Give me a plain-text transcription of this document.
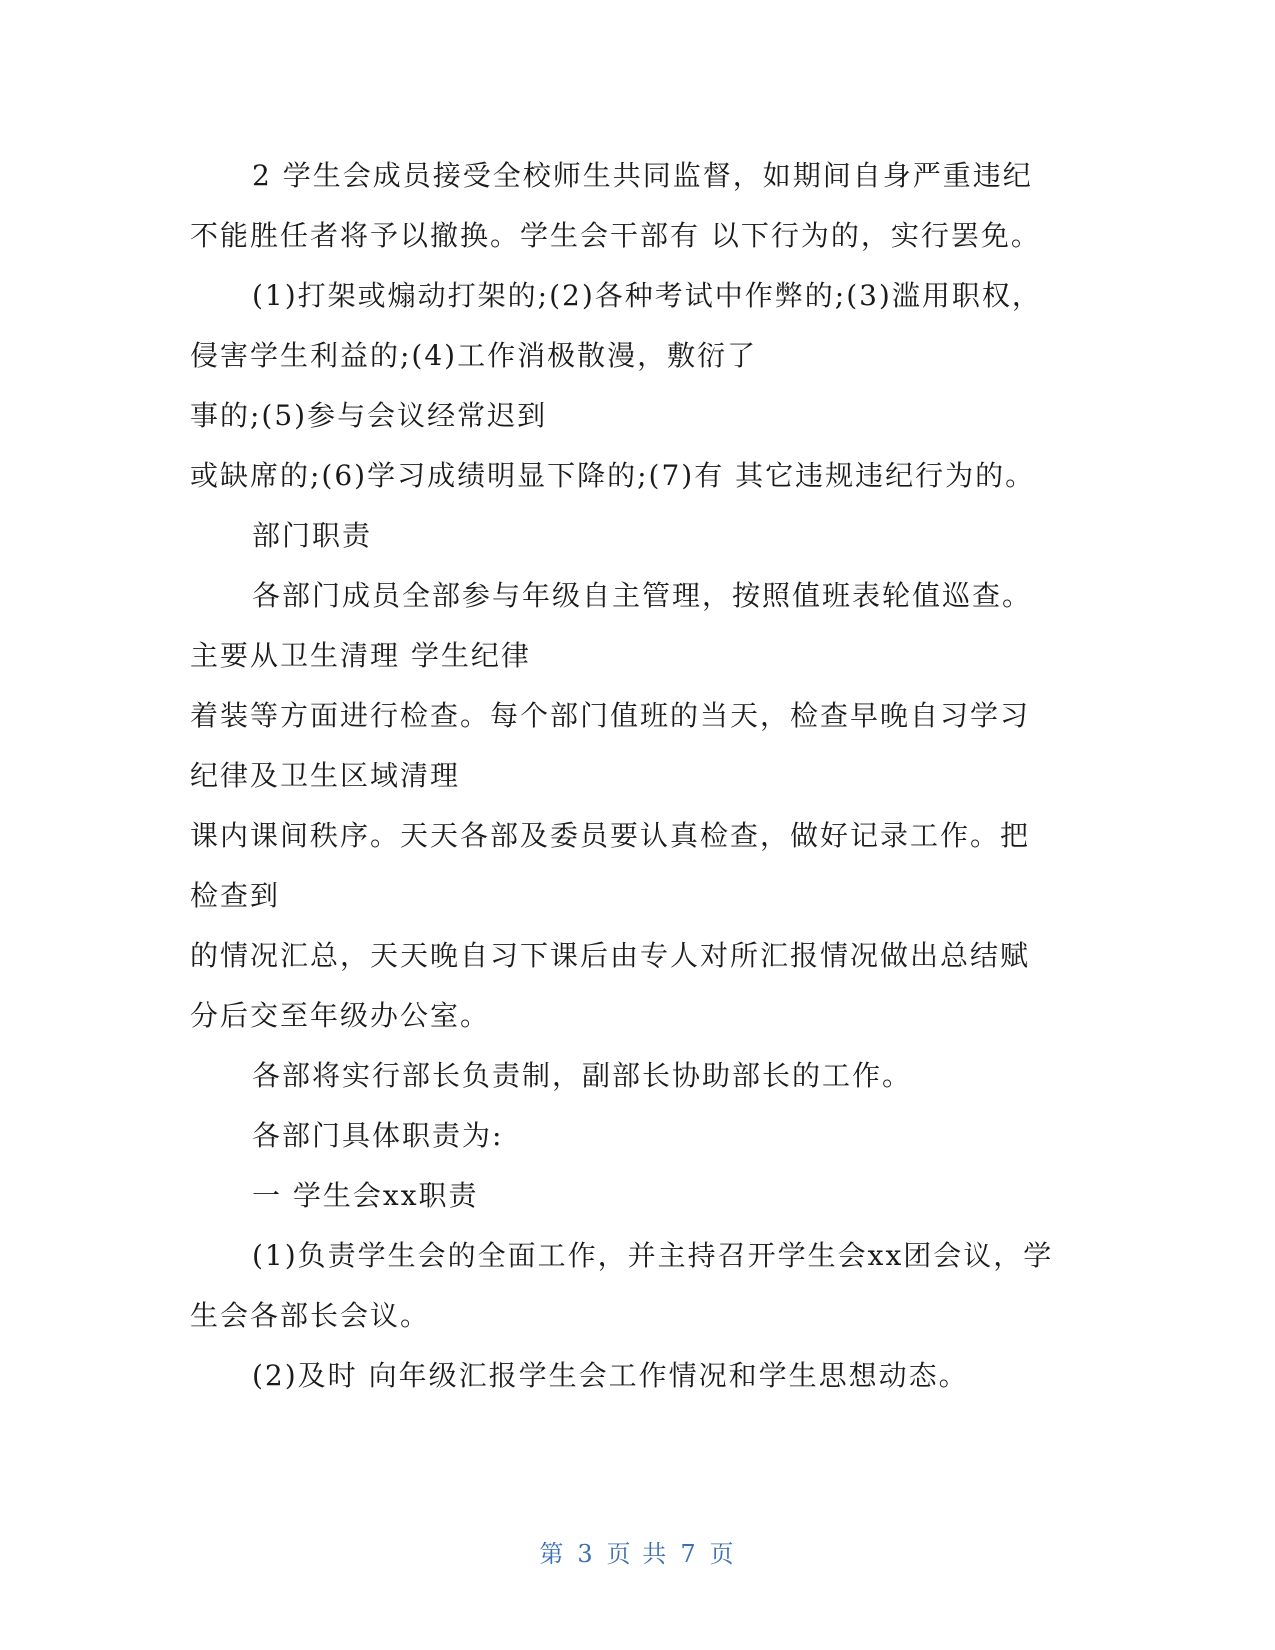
2 学生会成员接受全校师生共同监督，如期间自身严重违纪
不能胜任者将予以撤换。学生会干部有 以下行为的，实行罢免。
(1)打架或煽动打架的;(2)各种考试中作弊的;(3)滥用职权，
侵害学生利益的;(4)工作消极散漫，敷衍了
事的;(5)参与会议经常迟到
或缺席的;(6)学习成绩明显下降的;(7)有 其它违规违纪行为的。
部门职责
各部门成员全部参与年级自主管理，按照值班表轮值巡查。
主要从卫生清理 学生纪律
着装等方面进行检查。每个部门值班的当天，检查早晚自习学习
纪律及卫生区域清理
课内课间秩序。天天各部及委员要认真检查，做好记录工作。把
检查到
的情况汇总，天天晚自习下课后由专人对所汇报情况做出总结赋
分后交至年级办公室。
各部将实行部长负责制，副部长协助部长的工作。
各部门具体职责为:
一 学生会xx职责
(1)负责学生会的全面工作，并主持召开学生会xx团会议，学
生会各部长会议。
(2)及时 向年级汇报学生会工作情况和学生思想动态。
第 3 页 共 7 页
